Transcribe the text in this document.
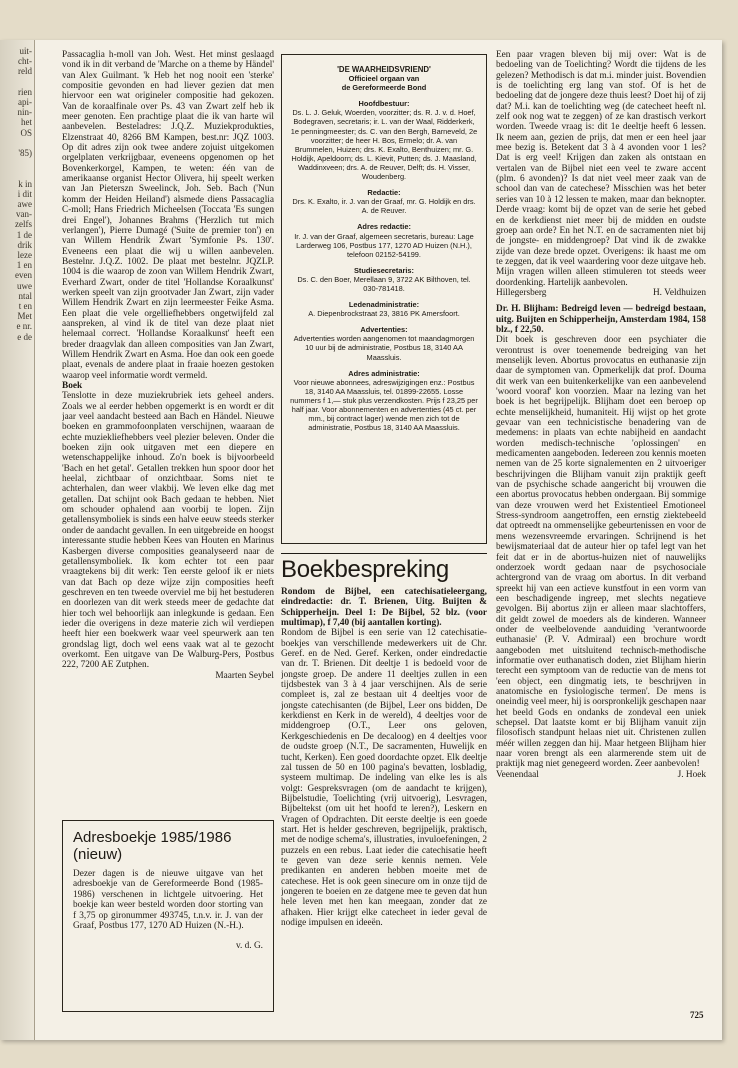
uit-
cht-
reld

rien
api-
nin-
het
OS

'85)

k in
i dit
awe
van-
zelfs
1 de
drik
leze
1 en
even
uwe
ntal
t en
Met
e nr.
e de

Passacaglia h-moll van Joh. West. Het minst geslaagd vond ik in dit verband de 'Marche on a theme by Händel' van Alex Guilmant. 'k Heb het nog nooit een 'sterke' compositie gevonden en had liever gezien dat men hiervoor een wat origineler compositie had gekozen. Van de koraalfinale over Ps. 43 van Zwart zelf heb ik meer genoten. Een prachtige plaat die ik van harte wil aanbevelen. Besteladres: J.Q.Z. Muziekprodukties, Elzenstraat 40, 8266 BM Kampen, best.nr: JQZ 1003. Op dit adres zijn ook twee andere zojuist uitgekomen orgelplaten verkrijgbaar, eveneens opgenomen op het Bovenkerkorgel, Kampen, te weten: één van de amerikaanse organist Hector Olivera, hij speelt werken van Jan Pieterszn Sweelinck, Joh. Seb. Bach ('Nun komm der Heiden Heiland') alsmede diens Passacaglia C-moll; Hans Friedrich Micheelsen (Toccata 'Es sungen drei Engel'), Johannes Brahms ('Herzlich tut mich verlangen'), Pierre Dumagé ('Suite de premier ton') en van Willem Hendrik Zwart 'Symfonie Ps. 130'. Eveneens een plaat die wij u willen aanbevelen. Bestelnr. J.Q.Z. 1002. De plaat met bestelnr. JQZLP. 1004 is die waarop de zoon van Willem Hendrik Zwart, Everhard Zwart, onder de titel 'Hollandse Koraalkunst' werken speelt van zijn grootvader Jan Zwart, zijn vader Willem Hendrik Zwart en zijn leermeester Feike Asma. Een plaat die vele orgelliefhebbers ongetwijfeld zal aanspreken, al vind ik de titel van deze plaat niet helemaal correct. 'Hollandse Koraalkunst' heeft een breder draagvlak dan alleen composities van Jan Zwart, Willem Hendrik Zwart en Asma. Hoe dan ook een goede plaat, evenals de andere plaat in fraaie hoezen gestoken waarop veel informatie wordt vermeld.

Boek

Tenslotte in deze muziekrubriek iets geheel anders. Zoals we al eerder hebben opgemerkt is en wordt er dit jaar veel aandacht besteed aan Bach en Händel. Nieuwe boeken en grammofoonplaten verschijnen, waaraan de echte muziekliefhebbers veel plezier beleven. Onder die boeken zijn ook uitgaven met een diepere en wetenschappelijke inhoud. Zo'n boek is bijvoorbeeld 'Bach en het getal'. Getallen trekken hun spoor door het heelal, zichtbaar of onzichtbaar. Soms niet te achterhalen, dan weer vlakbij. We leven elke dag met getallen. Dat schijnt ook Bach gedaan te hebben. Niet om schouder ophalend aan voorbij te lopen. Zijn getallensymboliek is sinds een halve eeuw steeds sterker onder de aandacht gevallen. In een uitgebreide en hoogst interessante studie hebben Kees van Houten en Marinus Kasbergen diverse composities geanalyseerd naar de getallensymboliek. Ik kom echter tot een paar vraagtekens bij dit werk: Ten eerste geloof ik er niets van dat Bach op deze wijze zijn composities heeft geschreven en ten tweede overviel me bij het bestuderen en doorlezen van dit werk steeds meer de gedachte dat hier toch wel behoorlijk aan inlegkunde is gedaan. Een ieder die overigens in deze materie zich wil verdiepen heeft hier een boekwerk waar veel speurwerk aan ten grondslag ligt, doch wel eens vaak wat al te gezocht overkomt. Een uitgave van De Walburg-Pers, Postbus 222, 7200 AE Zutphen.

Maarten Seybel

Adresboekje 1985/1986
(nieuw)
Dezer dagen is de nieuwe uitgave van het adresboekje van de Gereformeerde Bond (1985-1986) verschenen in lichtgele uitvoering. Het boekje kan weer besteld worden door storting van f 3,75 op gironummer 493745, t.n.v. ir. J. van der Graaf, Postbus 177, 1270 AD Huizen (N.-H.).
v. d. G.
'DE WAARHEIDSVRIEND'
Officieel orgaan van
de Gereformeerde Bond
Hoofdbestuur:
Ds. L. J. Geluk, Woerden, voorzitter; ds. R. J. v. d. Hoef, Bodegraven, secretaris; ir. L. van der Waal, Ridderkerk, 1e penningmeester; ds. C. van den Bergh, Barneveld, 2e voorzitter; de heer H. Bos, Ermelo; dr. A. van Brummelen, Huizen; drs. K. Exalto, Benthuizen; mr. G. Holdijk, Apeldoorn; ds. L. Kievit, Putten; ds. J. Maasland, Waddinxveen; drs. A. de Reuver, Delft; ds. H. Visser, Woudenberg.
Redactie:
Drs. K. Exalto, ir. J. van der Graaf, mr. G. Holdijk en drs. A. de Reuver.
Adres redactie:
Ir. J. van der Graaf, algemeen secretaris, bureau: Lage Larderweg 106, Postbus 177, 1270 AD Huizen (N.H.), telefoon 02152-54199.
Studiesecretaris:
Ds. C. den Boer, Merellaan 9, 3722 AK Bilthoven, tel. 030-781418.
Ledenadministratie:
A. Diepenbrockstraat 23, 3816 PK Amersfoort.
Advertenties:
Advertenties worden aangenomen tot maandagmorgen 10 uur bij de administratie, Postbus 18, 3140 AA Maassluis.
Adres administratie:
Voor nieuwe abonnees, adreswijzigingen enz.: Postbus 18, 3140 AA Maassluis, tel. 01899-22655. Losse nummers f 1,— stuk plus verzendkosten. Prijs f 23,25 per half jaar. Voor abonnementen en advertenties (45 ct. per mm., bij contract lager) wende men zich tot de administratie, Postbus 18, 3140 AA Maassluis.
Boekbespreking

Rondom de Bijbel, een catechisatieleergang, eindredactie: dr. T. Brienen, Uitg. Buijten & Schipperheijn. Deel 1: De Bijbel, 52 blz. (voor multimap), f 7,40 (bij aantallen korting).

Rondom de Bijbel is een serie van 12 catechisatie-boekjes van verschillende medewerkers uit de Chr. Geref. en de Ned. Geref. Kerken, onder eindredactie van dr. T. Brienen. Dit deeltje 1 is bedoeld voor de jongste groep. De andere 11 deeltjes zullen in een tijdsbestek van 3 à 4 jaar verschijnen. Als de serie compleet is, zal ze bestaan uit 4 deeltjes voor de jongste catechisanten (de Bijbel, Leer ons bidden, De kerkdienst en Kerk in de wereld), 4 deeltjes voor de middengroep (O.T., Leer ons geloven, Kerkgeschiedenis en De decaloog) en 4 deeltjes voor de oudste groep (N.T., De sacramenten, Huwelijk en tucht, Kerken). Een goed doordachte opzet. Elk deeltje zal tussen de 50 en 100 pagina's bevatten, losbladig, systeem multimap. De indeling van elke les is als volgt: Gespreksvragen (om de aandacht te krijgen), Bijbelstudie, Toelichting (vrij uitvoerig), Lesvragen, Bijbeltekst (om uit het hoofd te leren?), Leskern en Vragen of Opdrachten. Dit eerste deeltje is een goede start. Het is helder geschreven, begrijpelijk, praktisch, met de nodige schema's, illustraties, invuloefeningen, 2 puzzels en een rebus. Laat ieder die catechisatie heeft te geven van deze serie kennis nemen. Vele predikanten en anderen hebben moeite met de catechese. Het is ook geen sinecure om in onze tijd de jongeren te boeien en ze datgene mee te geven dat hun hele leven met hen kan meegaan, zonder dat ze afhaken. Hier krijgt elke catecheet in ieder geval de nodige impulsen en ideeën.

Een paar vragen bleven bij mij over: Wat is de bedoeling van de Toelichting? Wordt die tijdens de les gelezen? Methodisch is dat m.i. minder juist. Bovendien is de toelichting erg lang van stof. Of is het de bedoeling dat de jongere deze thuis leest? Doet hij of zij dat? M.i. kan de toelichting weg (de catecheet heeft nl. zelf ook nog wat te zeggen) of ze kan drastisch verkort worden. Tweede vraag is: dit 1e deeltje heeft 6 lessen. Ik neem aan, gezien de prijs, dat men er een heel jaar mee bezig is. Betekent dat 3 à 4 avonden voor 1 les? Dat is erg veel! Krijgen dan zaken als ontstaan en vertalen van de Bijbel niet een veel te zware accent (plm. 6 avonden)? Is dat niet veel meer zaak van de school dan van de catechese? Misschien was het beter series van 10 à 12 lessen te maken, maar dan beknopter. Derde vraag: komt bij de opzet van de serie het gebed en de kerkdienst niet meer bij de midden en oudste groep aan orde? En het N.T. en de sacramenten niet bij de jongste- en middengroep? Dat vind ik de zwakke zijde van deze brede opzet. Overigens: ik haast me om te zeggen, dat ik veel waardering voor deze uitgave heb. Mijn vragen willen alleen stimuleren tot steeds weer doordenking. Hartelijk aanbevolen.

Hillegersberg	H. Veldhuizen

Dr. H. Blijham: Bedreigd leven — bedreigd bestaan, uitg. Buijten en Schipperheijn, Amsterdam 1984, 158 blz., f 22,50.

Dit boek is geschreven door een psychiater die verontrust is over toenemende bedreiging van het menselijk leven. Abortus provocatus en euthanasie zijn daar de symptomen van. Opmerkelijk dat prof. Douma dit werk van een buitenkerkelijke van een aanbevelend 'woord vooraf' kon voorzien. Maar na lezing van het boek is het begrijpelijk. Blijham doet een beroep op echte menselijkheid, humaniteit. Hij wijst op het grote gevaar van een technicistische benadering van de medemens: in plaats van echte nabijheid en aandacht worden medisch-technische 'oplossingen' en medicamenten aangeboden. Iedereen zou kennis moeten nemen van de 25 korte signalementen en 2 uitvoeriger beschrijvingen die Blijham vanuit zijn praktijk geeft van de psychische schade aangericht bij vrouwen die een abortus provocatus hebben ondergaan. Bij sommige van deze vrouwen werd het Existentieel Emotioneel Stress-syndroom aangetroffen, een ernstig ziektebeeld dat optreedt na ommenselijke gebeurtenissen en voor de mens wezensvreemde ervaringen. Schrijnend is het bewijsmateriaal dat de auteur hier op tafel legt van het feit dat er in de abortus-huizen niet of nauwelijks onderzoek wordt gedaan naar de psychosociale achtergrond van de vraag om abortus. In dit verband spreekt hij van een actieve kunstfout in een vorm van een beschadigende ingreep, met slechts negatieve gevolgen. Bij abortus zijn er alleen maar slachtoffers, dit geldt zowel de moeders als de kinderen. Wanneer onder de veelbelovende aanduiding 'verantwoorde euthanasie' (P. V. Admiraal) een brochure wordt aangeboden met uitsluitend technisch-methodische informatie over euthanatisch doden, ziet Blijham hierin terecht een symptoom van de reductie van de mens tot 'een object, een dingmatig iets, te beschrijven in anatomische en fysiologische termen'. De mens is oneindig veel meer, hij is oorspronkelijk geschapen naar het beeld Gods en ondanks de zondeval een uniek schepsel. Dat laatste komt er bij Blijham vanuit zijn filosofisch standpunt helaas niet uit. Christenen zullen méér willen zeggen dan hij. Maar hetgeen Blijham hier naar voren brengt als een alarmerende stem uit de praktijk mag niet genegeerd worden. Zeer aanbevolen!

Veenendaal	J. Hoek

725
